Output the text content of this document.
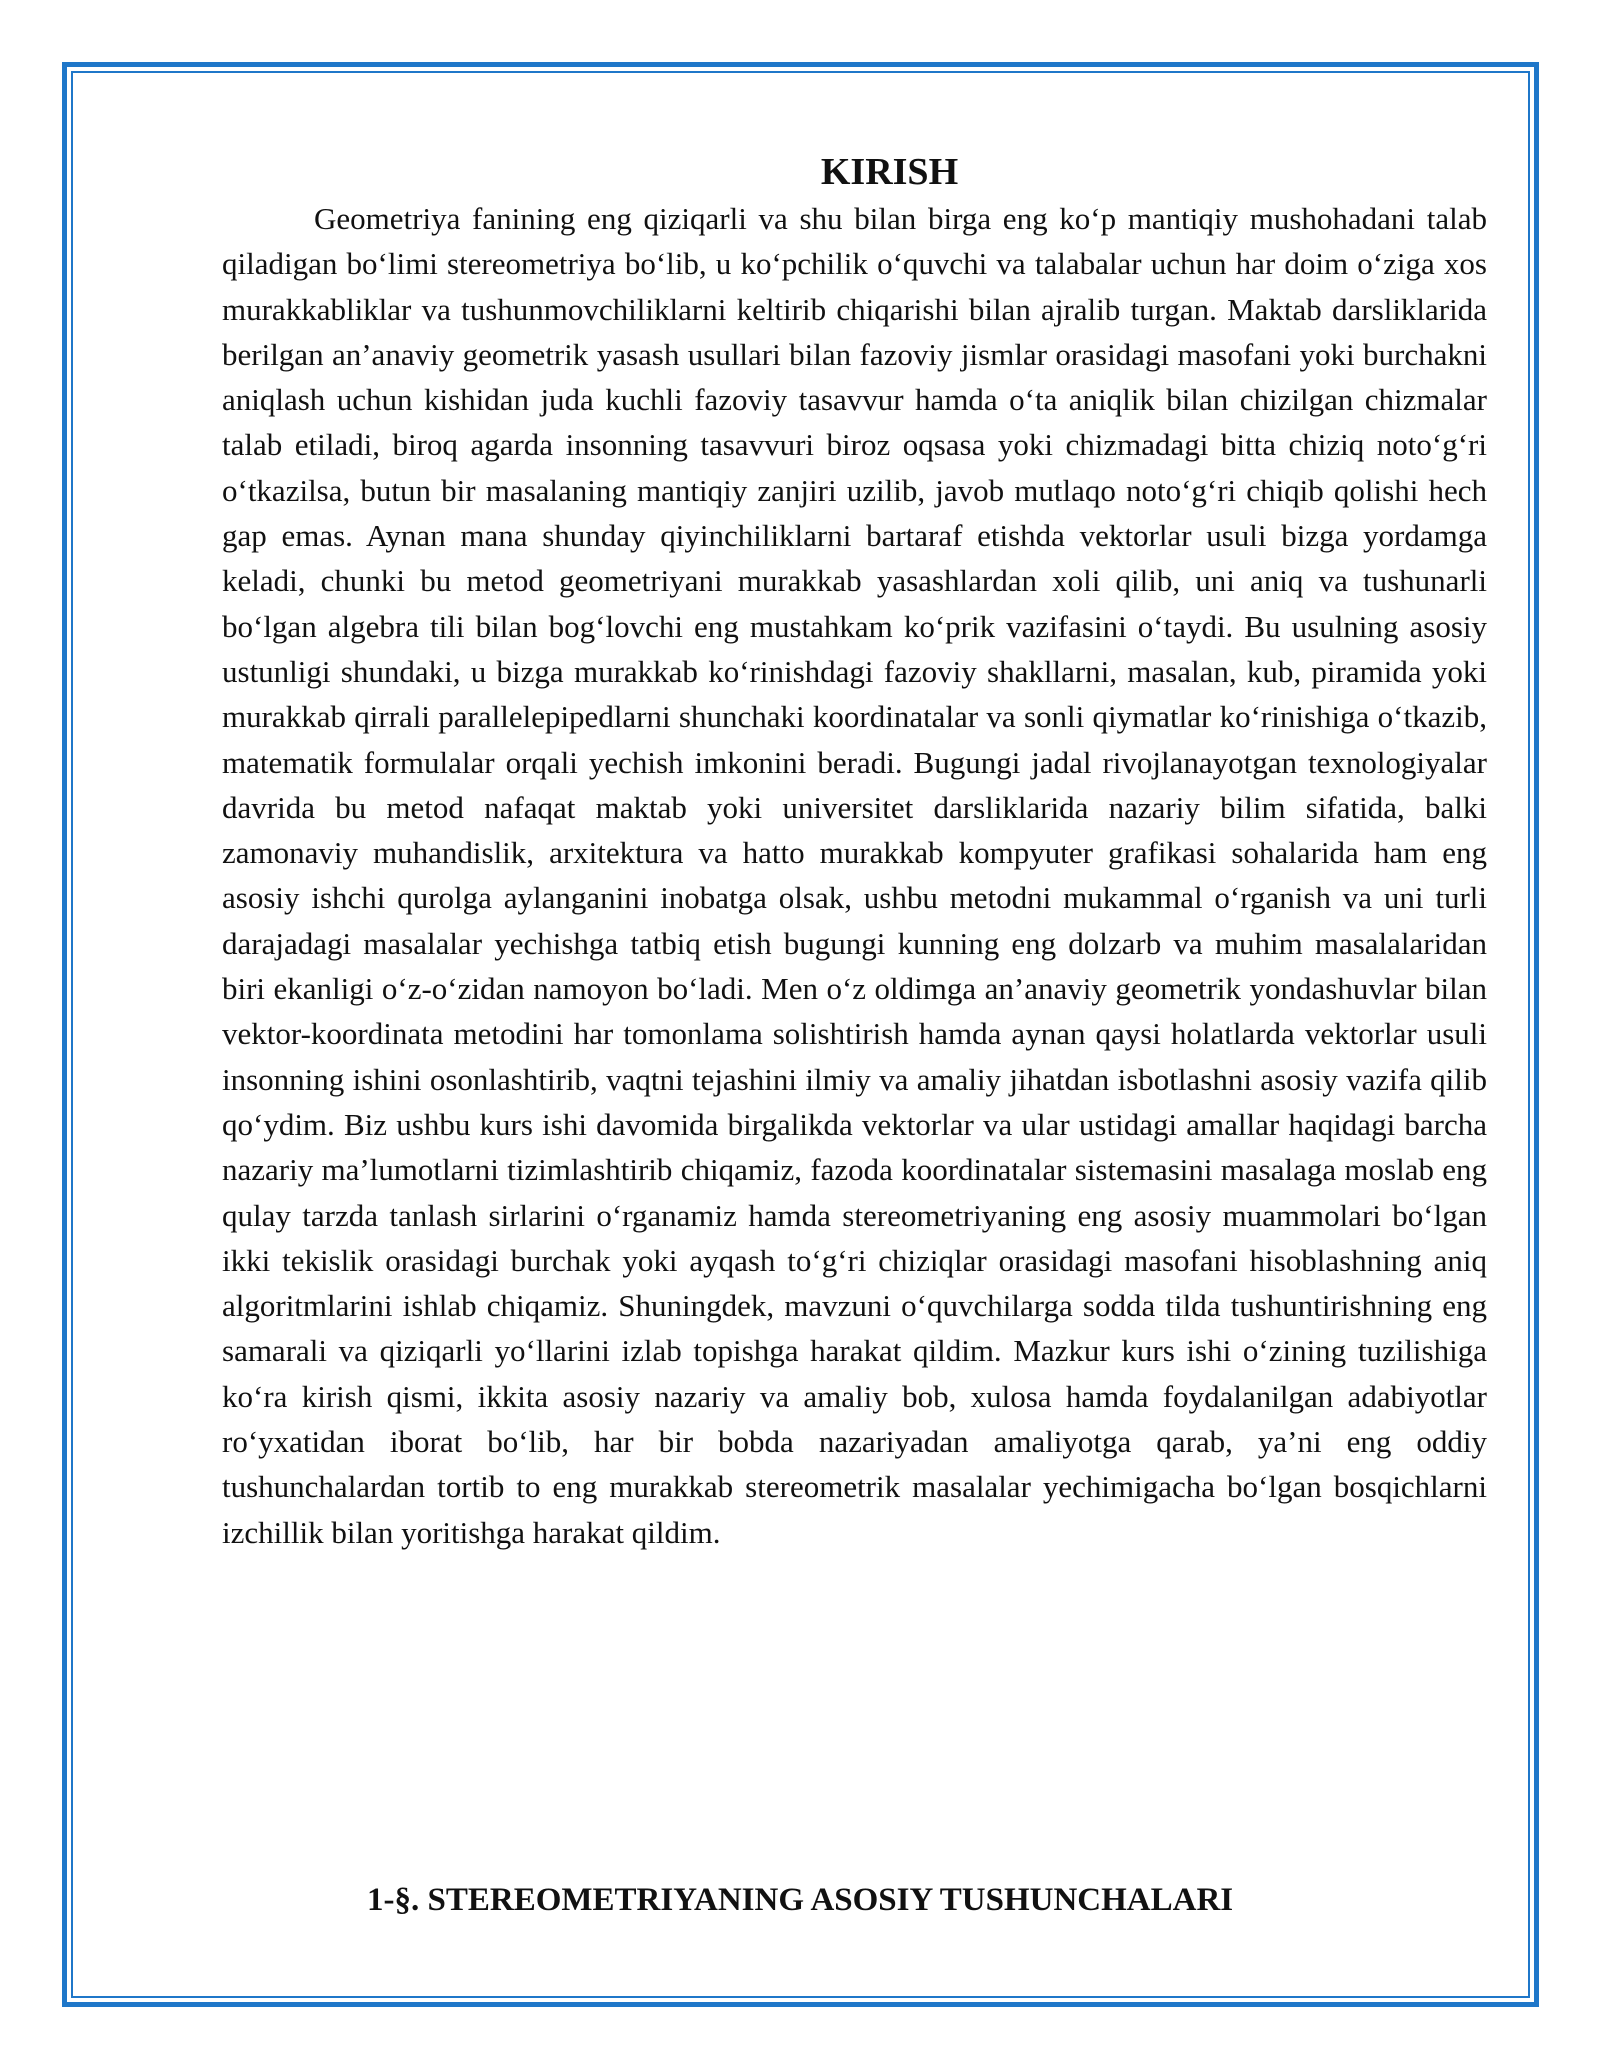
KIRISH

Geometriya fanining eng qiziqarli va shu bilan birga eng ko‘p mantiqiy mushohadani talab qiladigan bo‘limi stereometriya bo‘lib, u ko‘pchilik o‘quvchi va talabalar uchun har doim o‘ziga xos murakkabliklar va tushunmovchiliklarni keltirib chiqarishi bilan ajralib turgan. Maktab darsliklarida berilgan an’anaviy geometrik yasash usullari bilan fazoviy jismlar orasidagi masofani yoki burchakni aniqlash uchun kishidan juda kuchli fazoviy tasavvur hamda o‘ta aniqlik bilan chizilgan chizmalar talab etiladi, biroq agarda insonning tasavvuri biroz oqsasa yoki chizmadagi bitta chiziq noto‘g‘ri o‘tkazilsa, butun bir masalaning mantiqiy zanjiri uzilib, javob mutlaqo noto‘g‘ri chiqib qolishi hech gap emas. Aynan mana shunday qiyinchiliklarni bartaraf etishda vektorlar usuli bizga yordamga keladi, chunki bu metod geometriyani murakkab yasashlardan xoli qilib, uni aniq va tushunarli bo‘lgan algebra tili bilan bog‘lovchi eng mustahkam ko‘prik vazifasini o‘taydi. Bu usulning asosiy ustunligi shundaki, u bizga murakkab ko‘rinishdagi fazoviy shakllarni, masalan, kub, piramida yoki murakkab qirrali parallelepipedlarni shunchaki koordinatalar va sonli qiymatlar ko‘rinishiga o‘tkazib, matematik formulalar orqali yechish imkonini beradi. Bugungi jadal rivojlanayotgan texnologiyalar davrida bu metod nafaqat maktab yoki universitet darsliklarida nazariy bilim sifatida, balki zamonaviy muhandislik, arxitektura va hatto murakkab kompyuter grafikasi sohalarida ham eng asosiy ishchi qurolga aylanganini inobatga olsak, ushbu metodni mukammal o‘rganish va uni turli darajadagi masalalar yechishga tatbiq etish bugungi kunning eng dolzarb va muhim masalalaridan biri ekanligi o‘z-o‘zidan namoyon bo‘ladi. Men o‘z oldimga an’anaviy geometrik yondashuvlar bilan vektor-koordinata metodini har tomonlama solishtirish hamda aynan qaysi holatlarda vektorlar usuli insonning ishini osonlashtirib, vaqtni tejashini ilmiy va amaliy jihatdan isbotlashni asosiy vazifa qilib qo‘ydim. Biz ushbu kurs ishi davomida birgalikda vektorlar va ular ustidagi amallar haqidagi barcha nazariy ma’lumotlarni tizimlashtirib chiqamiz, fazoda koordinatalar sistemasini masalaga moslab eng qulay tarzda tanlash sirlarini o‘rganamiz hamda stereometriyaning eng asosiy muammolari bo‘lgan ikki tekislik orasidagi burchak yoki ayqash to‘g‘ri chiziqlar orasidagi masofani hisoblashning aniq algoritmlarini ishlab chiqamiz. Shuningdek, mavzuni o‘quvchilarga sodda tilda tushuntirishning eng samarali va qiziqarli yo‘llarini izlab topishga harakat qildim. Mazkur kurs ishi o‘zining tuzilishiga ko‘ra kirish qismi, ikkita asosiy nazariy va amaliy bob, xulosa hamda foydalanilgan adabiyotlar ro‘yxatidan iborat bo‘lib, har bir bobda nazariyadan amaliyotga qarab, ya’ni eng oddiy tushunchalardan tortib to eng murakkab stereometrik masalalar yechimigacha bo‘lgan bosqichlarni izchillik bilan yoritishga harakat qildim.

1-§. STEREOMETRIYANING ASOSIY TUSHUNCHALARI
